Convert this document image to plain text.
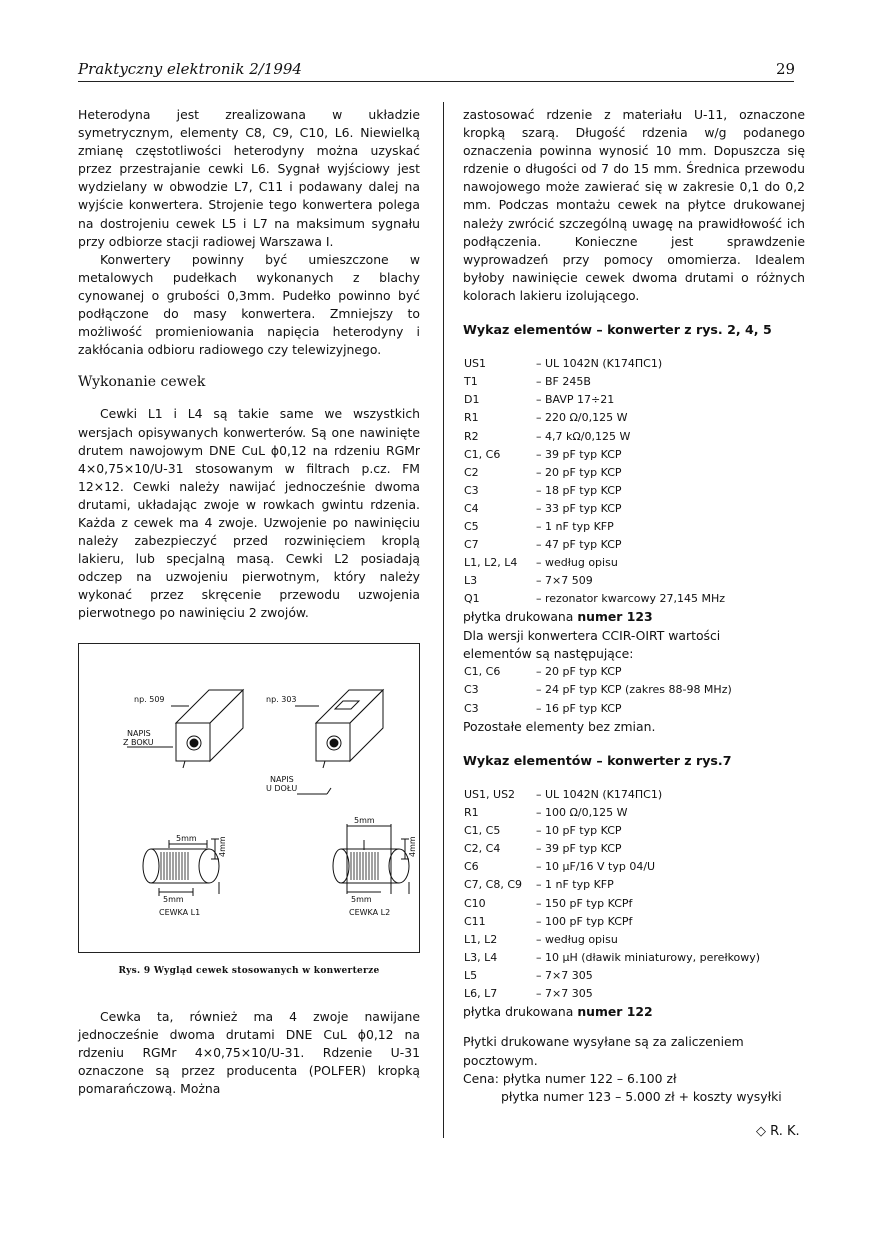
Praktyczny elektronik 2/1994	29

Heterodyna jest zrealizowana w układzie symetrycznym, elementy C8, C9, C10, L6. Niewielką zmianę częstotliwości heterodyny można uzyskać przez przestrajanie cewki L6. Sygnał wyjściowy jest wydzielany w obwodzie L7, C11 i podawany dalej na wyjście konwertera. Strojenie tego konwertera polega na dostrojeniu cewek L5 i L7 na maksimum sygnału przy odbiorze stacji radiowej Warszawa I.

Konwertery powinny być umieszczone w metalowych pudełkach wykonanych z blachy cynowanej o grubości 0,3mm. Pudełko powinno być podłączone do masy konwertera. Zmniejszy to możliwość promieniowania napięcia heterodyny i zakłócania odbioru radiowego czy telewizyjnego.

Wykonanie cewek

Cewki L1 i L4 są takie same we wszystkich wersjach opisywanych konwerterów. Są one nawinięte drutem nawojowym DNE CuL ϕ0,12 na rdzeniu RGMr 4×0,75×10/U-31 stosowanym w filtrach p.cz. FM 12×12. Cewki należy nawijać jednocześnie dwoma drutami, układając zwoje w rowkach gwintu rdzenia. Każda z cewek ma 4 zwoje. Uzwojenie po nawinięciu należy zabezpieczyć przed rozwinięciem kroplą lakieru, lub specjalną masą. Cewki L2 posiadają odczep na uzwojeniu pierwotnym, który należy wykonać przez skręcenie przewodu uzwojenia pierwotnego po nawinięciu 2 zwojów.

np. 509	np. 303
NAPIS
Z BOKU
NAPIS
U DOŁU
5mm
5mm
5mm
5mm
4mm	4mm
CEWKA L1	CEWKA L2
Rys. 9 Wygląd cewek stosowanych w konwerterze

Cewka ta, również ma 4 zwoje nawijane jednocześnie dwoma drutami DNE CuL ϕ0,12 na rdzeniu RGMr 4×0,75×10/U-31. Rdzenie U-31 oznaczone są przez producenta (POLFER) kropką pomarańczową. Można

zastosować rdzenie z materiału U-11, oznaczone kropką szarą. Długość rdzenia w/g podanego oznaczenia powinna wynosić 10 mm. Dopuszcza się rdzenie o długości od 7 do 15 mm. Średnica przewodu nawojowego może zawierać się w zakresie 0,1 do 0,2 mm. Podczas montażu cewek na płytce drukowanej należy zwrócić szczególną uwagę na prawidłowość ich podłączenia. Konieczne jest sprawdzenie wyprowadzeń przy pomocy omomierza. Idealem byłoby nawinięcie cewek dwoma drutami o różnych kolorach lakieru izolującego.

Wykaz elementów – konwerter z rys. 2, 4, 5
US1	– UL 1042N (K174ПC1)
T1	– BF 245B
D1	– BAVP 17÷21
R1	– 220 Ω/0,125 W
R2	– 4,7 kΩ/0,125 W
C1, C6	– 39 pF typ KCP
C2	– 20 pF typ KCP
C3	– 18 pF typ KCP
C4	– 33 pF typ KCP
C5	– 1 nF typ KFP
C7	– 47 pF typ KCP
L1, L2, L4	– według opisu
L3	– 7×7 509
Q1	– rezonator kwarcowy 27,145 MHz
płytka drukowana numer 123
Dla wersji konwertera CCIR-OIRT wartości
elementów są następujące:
C1, C6	– 20 pF typ KCP
C3	– 24 pF typ KCP (zakres 88-98 MHz)
C3	– 16 pF typ KCP
Pozostałe elementy bez zmian.
Wykaz elementów – konwerter z rys.7
US1, US2	– UL 1042N (K174ПC1)
R1	– 100 Ω/0,125 W
C1, C5	– 10 pF typ KCP
C2, C4	– 39 pF typ KCP
C6	– 10 μF/16 V typ 04/U
C7, C8, C9	– 1 nF typ KFP
C10	– 150 pF typ KCPf
C11	– 100 pF typ KCPf
L1, L2	– według opisu
L3, L4	– 10 μH (dławik miniaturowy, perełkowy)
L5	– 7×7 305
L6, L7	– 7×7 305
płytka drukowana numer 122
Płytki drukowane wysyłane są za zaliczeniem
pocztowym.
Cena: płytka numer 122 – 6.100 zł
płytka numer 123 – 5.000 zł + koszty wysyłki
◇ R. K.
